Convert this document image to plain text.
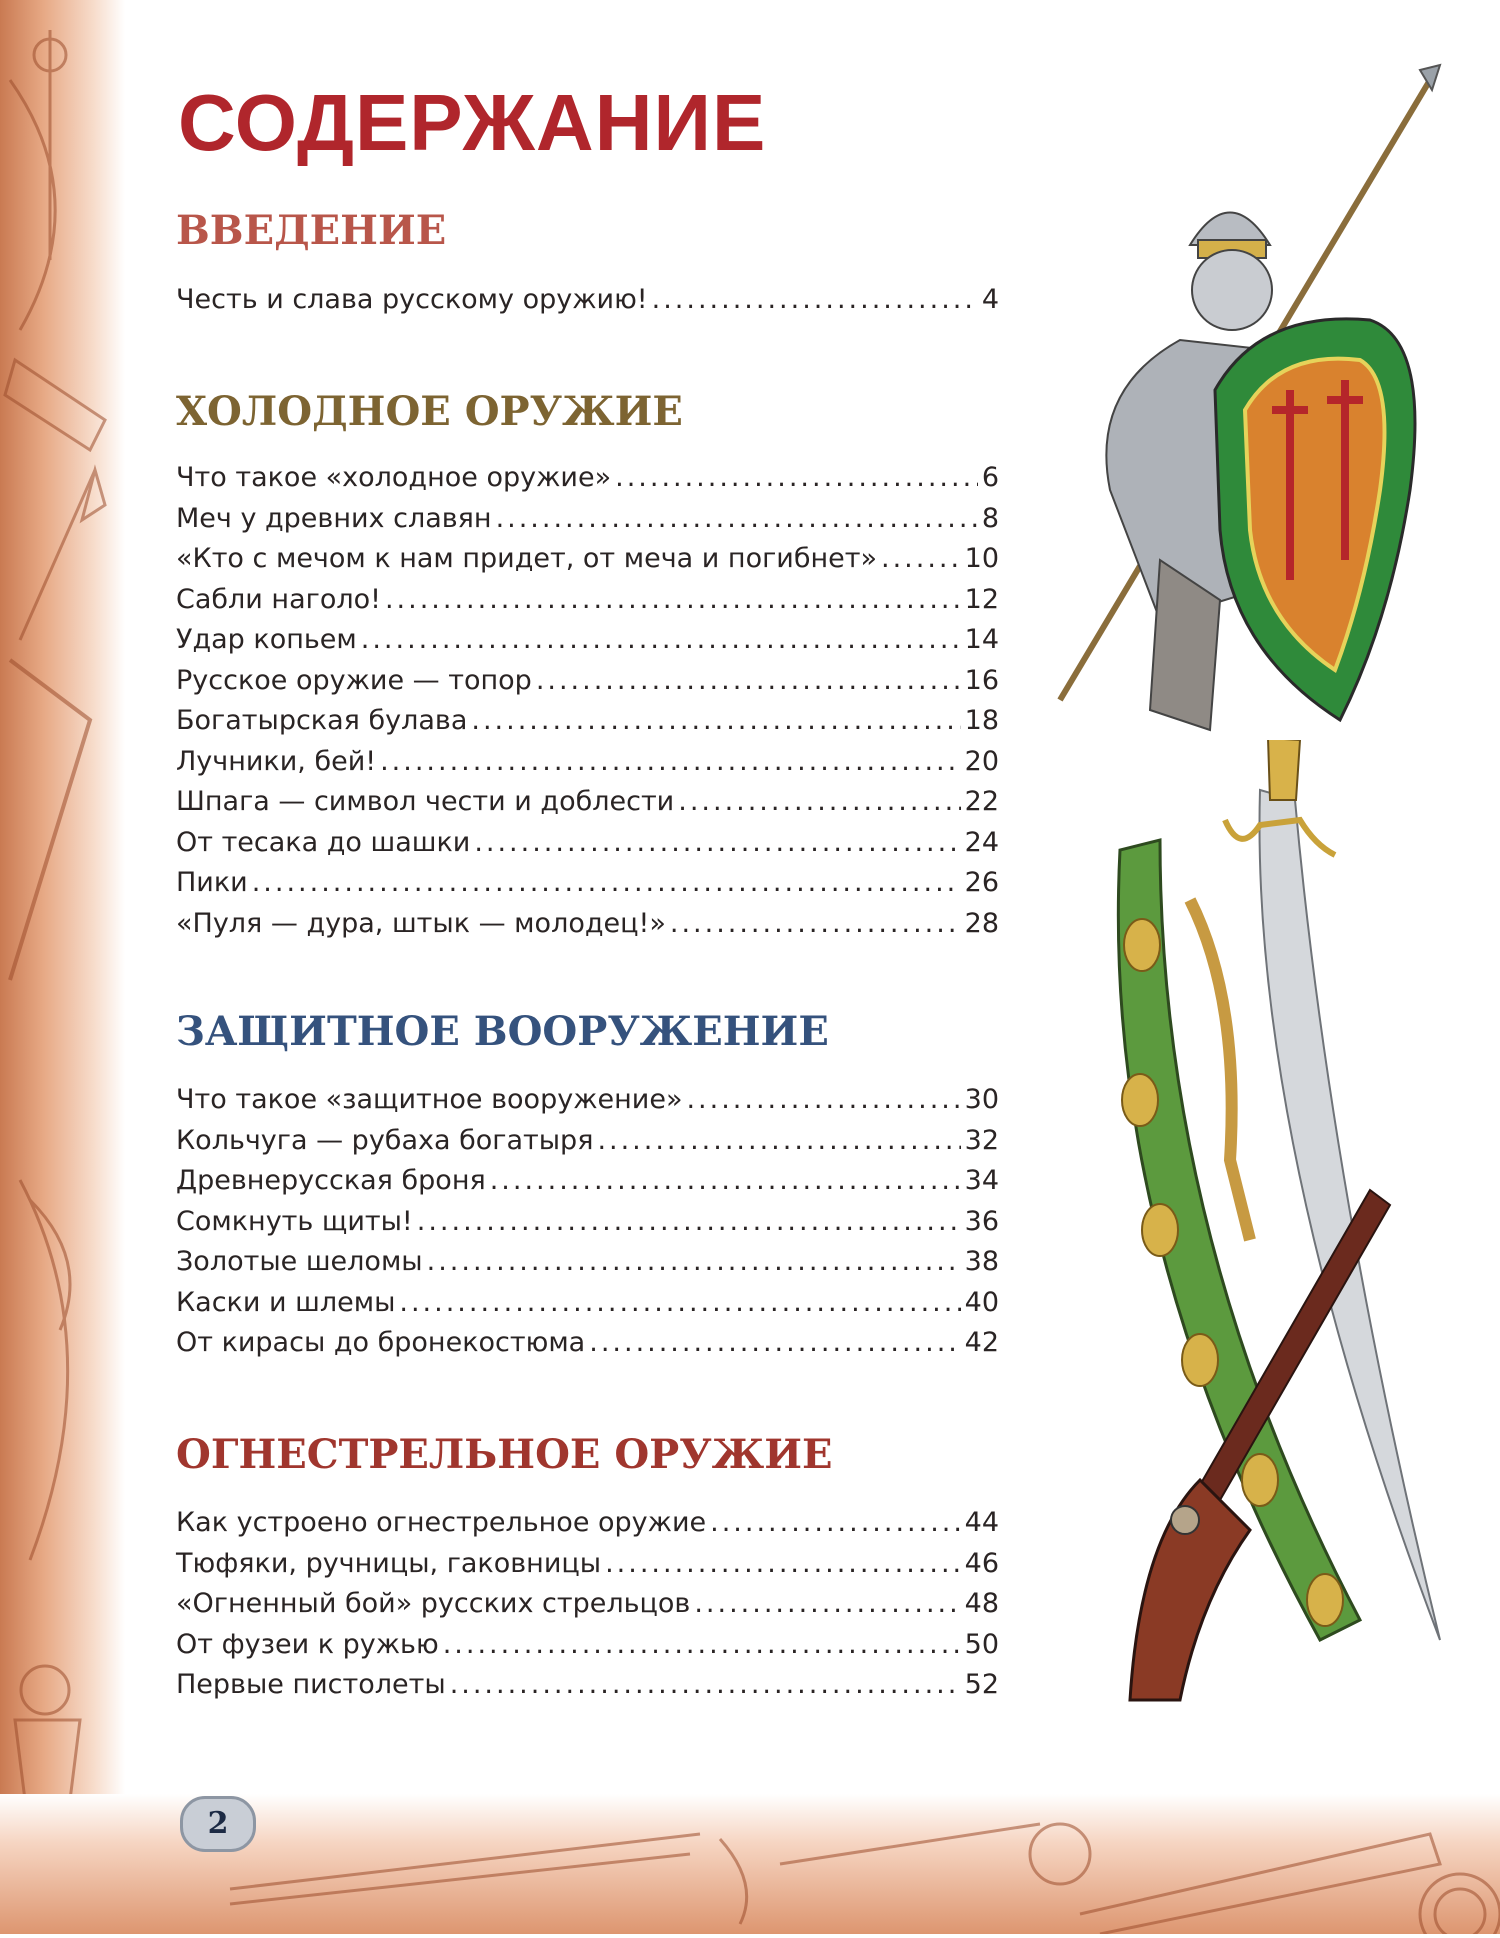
2
СОДЕРЖАНИЕ
ВВЕДЕНИЕ
Честь и слава русскому оружию! .....	4
ХОЛОДНОЕ ОРУЖИЕ
Что такое «холодное оружие» .....	6
Меч у древних славян .....	8
«Кто с мечом к нам придет, от меча и погибнет» .....	10
Сабли наголо! .....	12
Удар копьем .....	14
Русское оружие — топор .....	16
Богатырская булава .....	18
Лучники, бей! .....	20
Шпага — символ чести и доблести .....	22
От тесака до шашки .....	24
Пики .....	26
«Пуля — дура, штык — молодец!» .....	28
ЗАЩИТНОЕ ВООРУЖЕНИЕ
Что такое «защитное вооружение» .....	30
Кольчуга — рубаха богатыря .....	32
Древнерусская броня .....	34
Сомкнуть щиты! .....	36
Золотые шеломы .....	38
Каски и шлемы .....	40
От кирасы до бронекостюма .....	42
ОГНЕСТРЕЛЬНОЕ ОРУЖИЕ
Как устроено огнестрельное оружие .....	44
Тюфяки, ручницы, гаковницы .....	46
«Огненный бой» русских стрельцов .....	48
От фузеи к ружью .....	50
Первые пистолеты .....	52
